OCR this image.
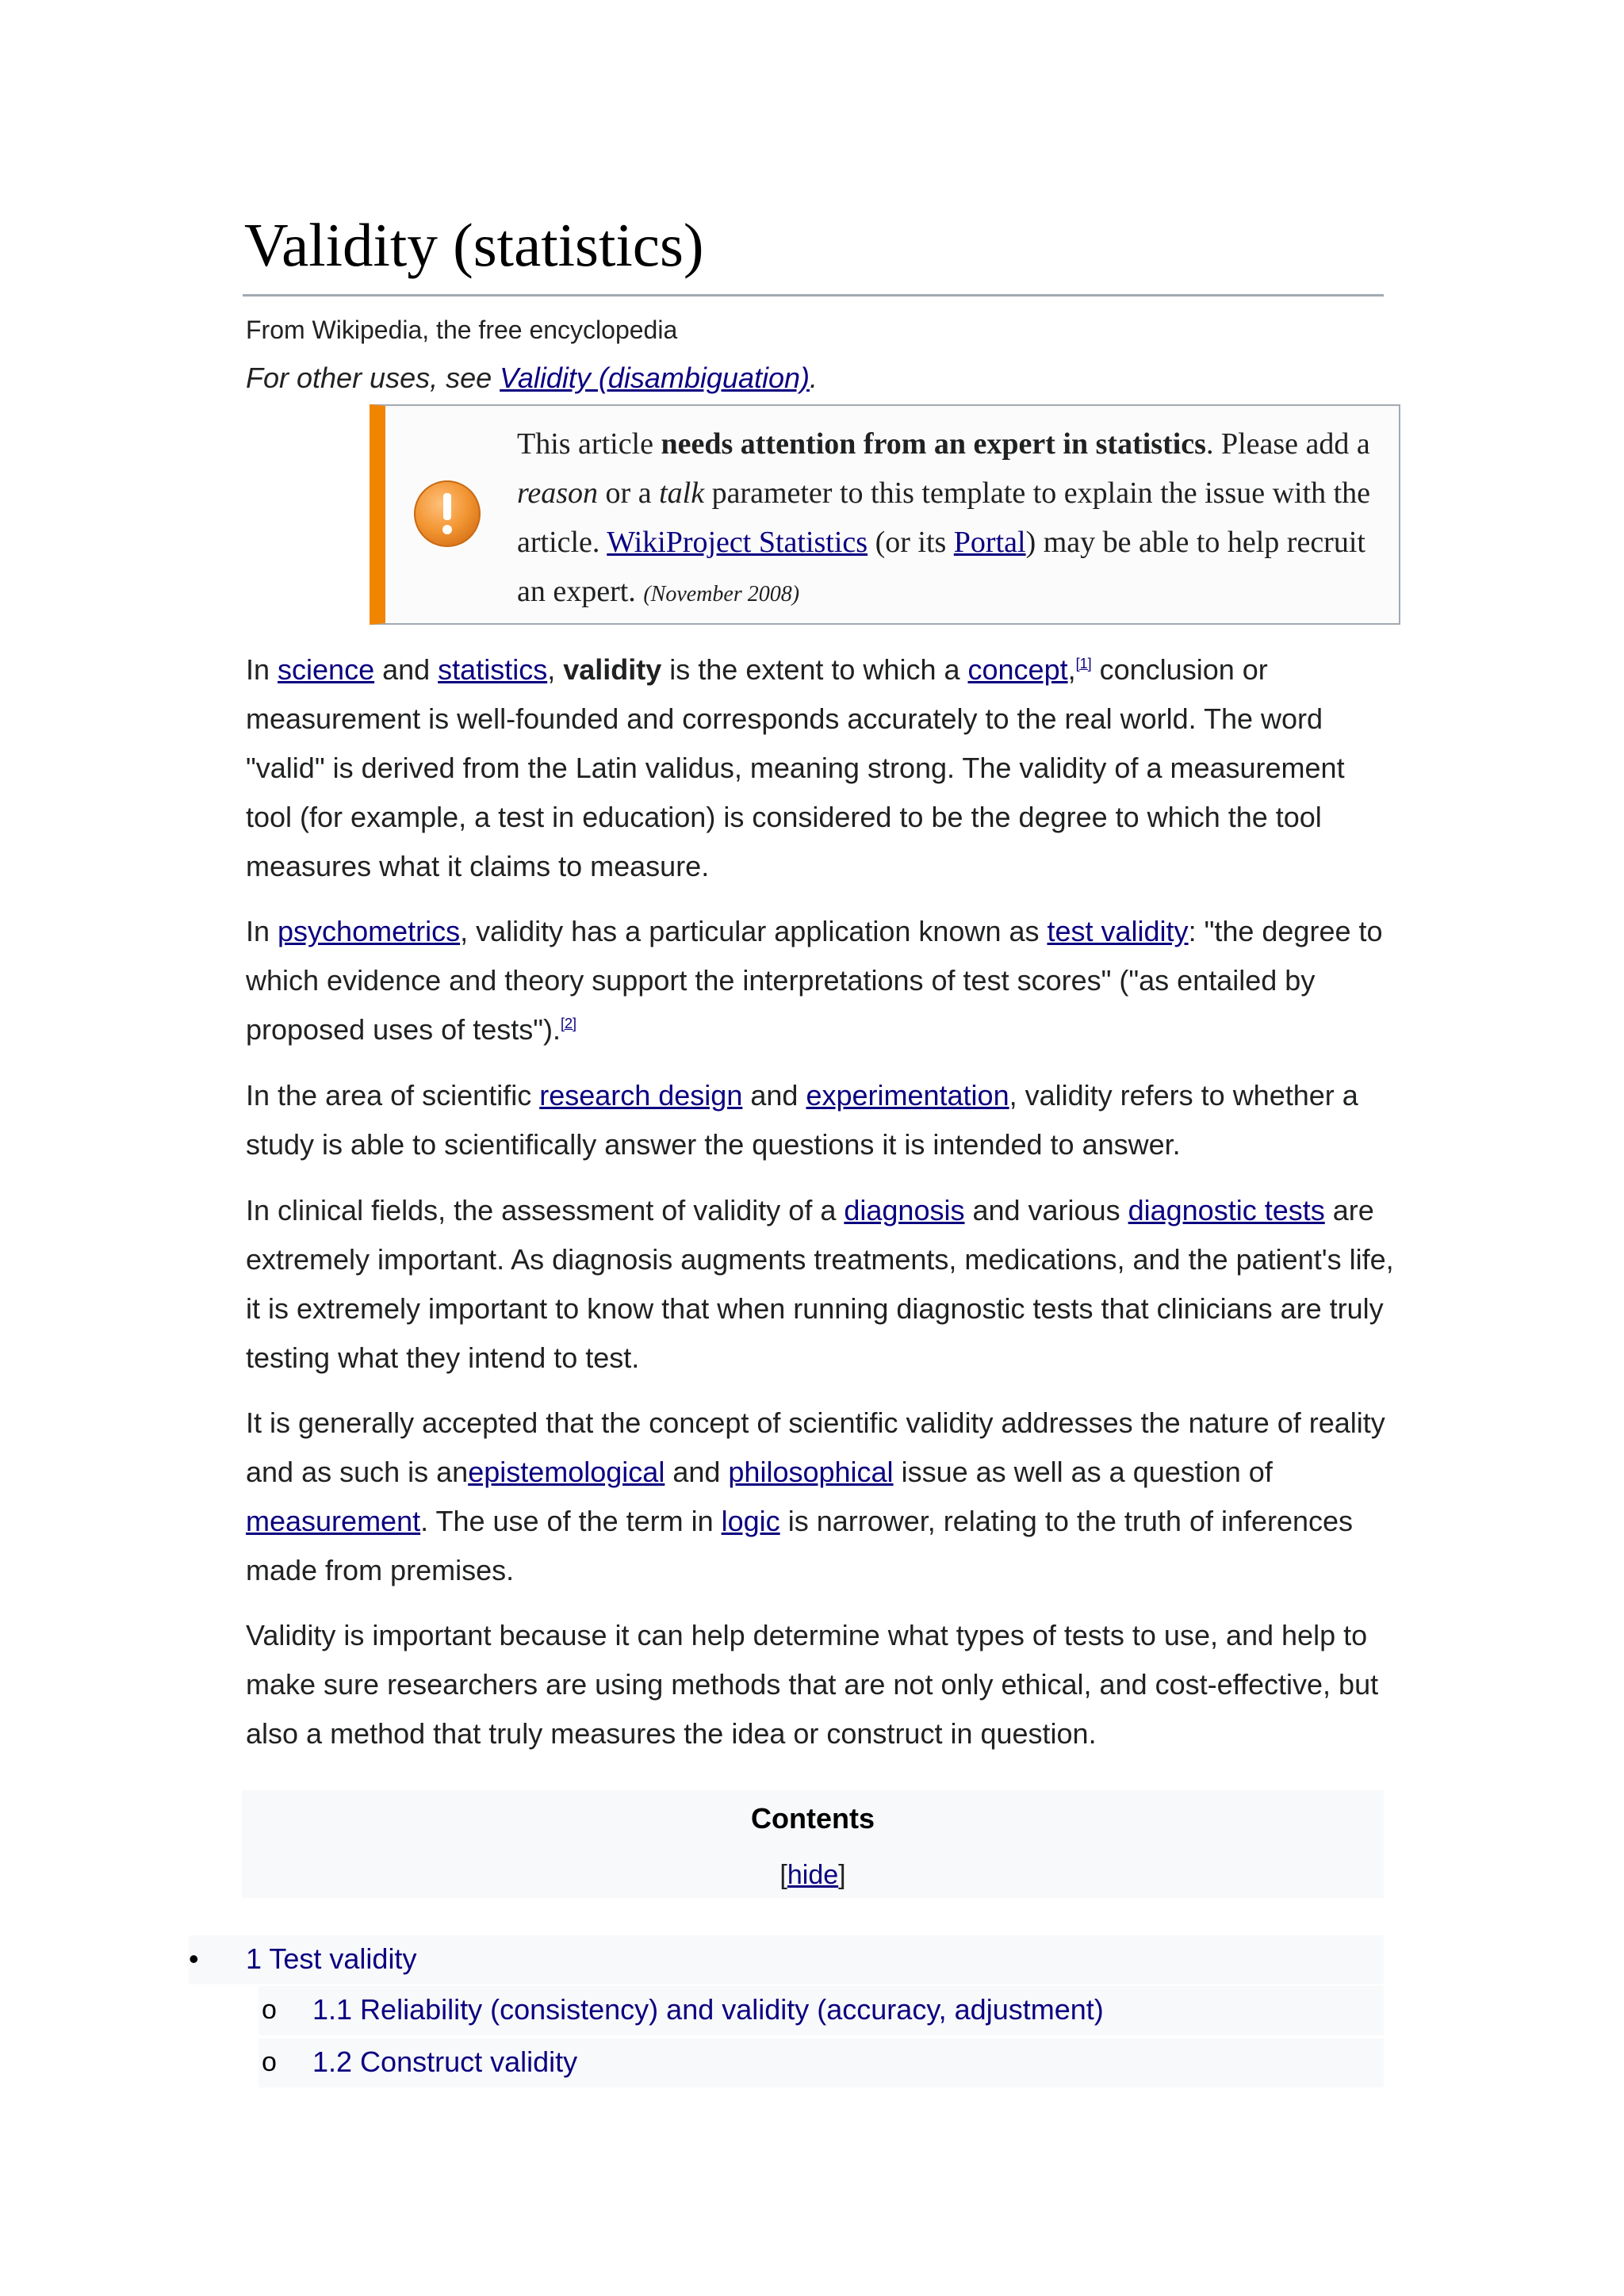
Validity (statistics)
From Wikipedia, the free encyclopedia
For other uses, see Validity (disambiguation).
This article needs attention from an expert in statistics. Please add a reason or a talk parameter to this template to explain the issue with the article. WikiProject Statistics (or its Portal) may be able to help recruit an expert. (November 2008)

In science and statistics, validity is the extent to which a concept,[1] conclusion or measurement is well-founded and corresponds accurately to the real world. The word "valid" is derived from the Latin validus, meaning strong. The validity of a measurement tool (for example, a test in education) is considered to be the degree to which the tool measures what it claims to measure.

In psychometrics, validity has a particular application known as test validity: "the degree to which evidence and theory support the interpretations of test scores" ("as entailed by proposed uses of tests").[2]

In the area of scientific research design and experimentation, validity refers to whether a study is able to scientifically answer the questions it is intended to answer.

In clinical fields, the assessment of validity of a diagnosis and various diagnostic tests are extremely important. As diagnosis augments treatments, medications, and the patient's life, it is extremely important to know that when running diagnostic tests that clinicians are truly testing what they intend to test.

It is generally accepted that the concept of scientific validity addresses the nature of reality and as such is anepistemological and philosophical issue as well as a question of measurement. The use of the term in logic is narrower, relating to the truth of inferences made from premises.

Validity is important because it can help determine what types of tests to use, and help to make sure researchers are using methods that are not only ethical, and cost-effective, but also a method that truly measures the idea or construct in question.

Contents
[hide]
• 1 Test validity
o 1.1 Reliability (consistency) and validity (accuracy, adjustment)
o 1.2 Construct validity
